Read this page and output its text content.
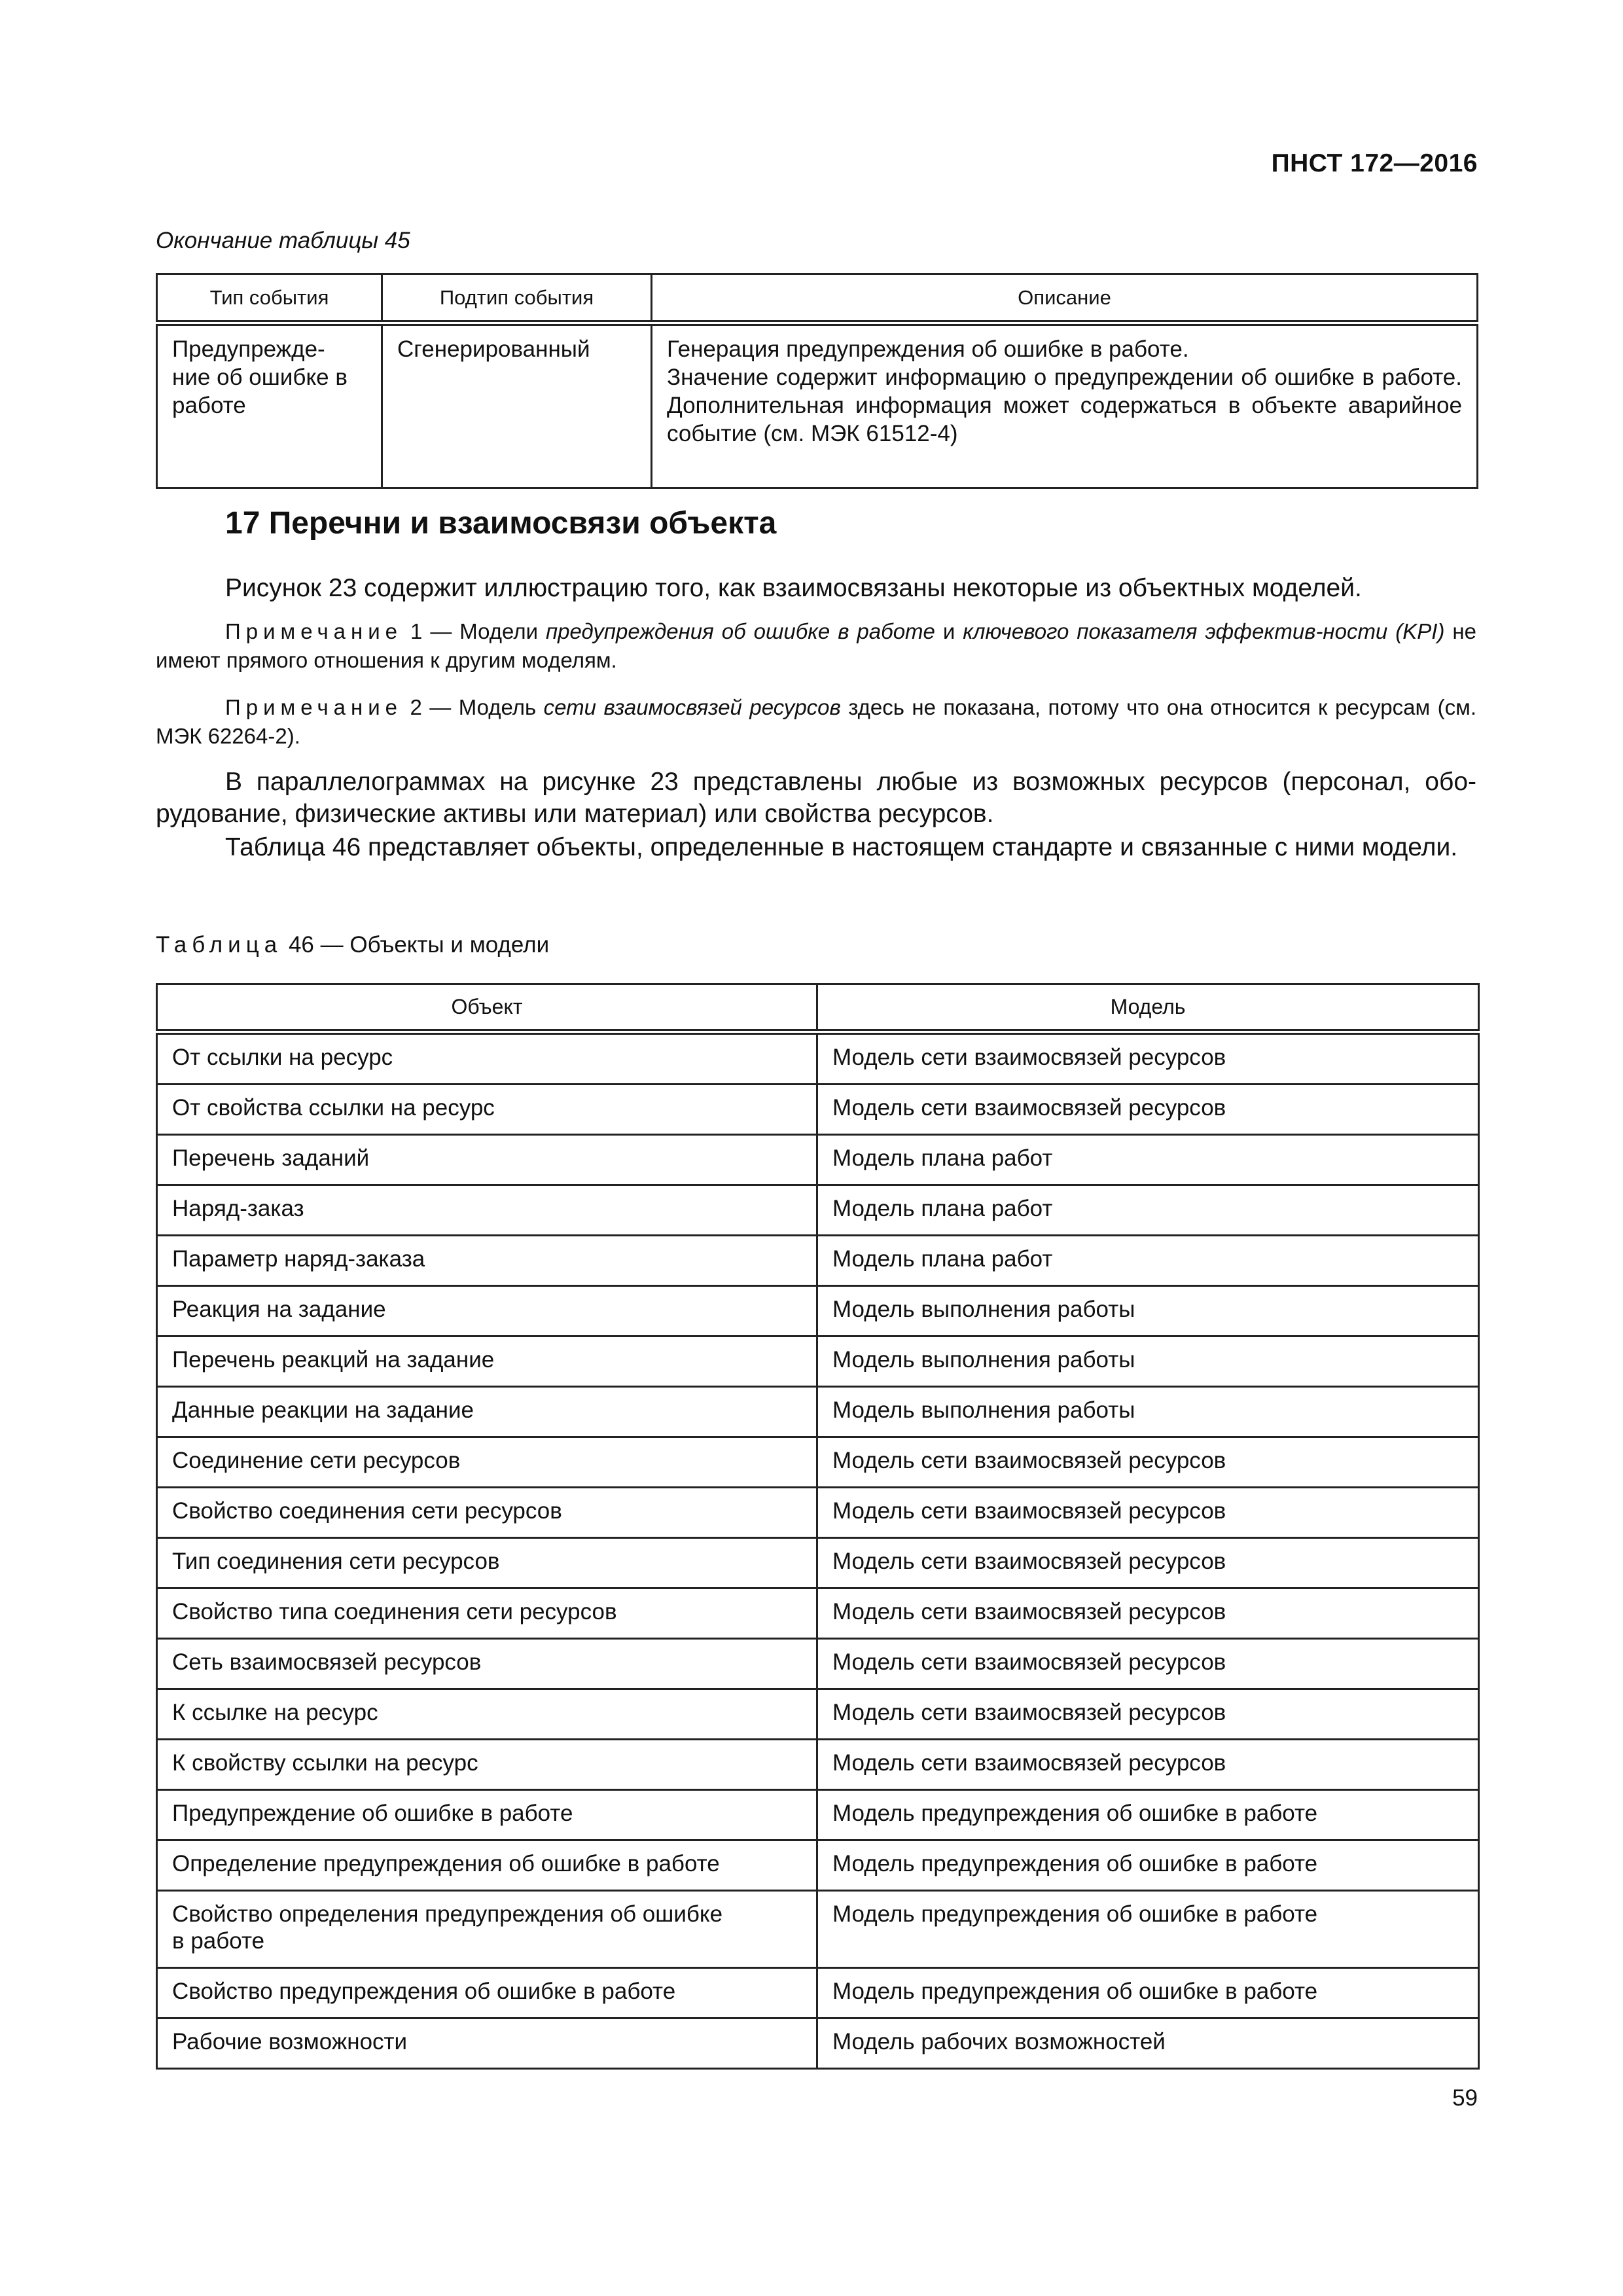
ПНСТ 172—2016
Окончание таблицы 45
Тип события	Подтип события	Описание
Предупрежде-
ние об ошибке в
работе	Сгенерированный	Генерация предупреждения об ошибке в работе.
Значение содержит информацию о предупреждении об ошибке в работе. Дополнительная информация может содержаться в объекте аварийное событие (см. МЭК 61512-4)
17 Перечни и взаимосвязи объекта
Рисунок 23 содержит иллюстрацию того, как взаимосвязаны некоторые из объектных моделей.
Примечание 1 — Модели предупреждения об ошибке в работе и ключевого показателя эффектив-ности (KPI) не имеют прямого отношения к другим моделям.
Примечание 2 — Модель сети взаимосвязей ресурсов здесь не показана, потому что она относится к ресурсам (см. МЭК 62264-2).
В параллелограммах на рисунке 23 представлены любые из возможных ресурсов (персонал, обо-рудование, физические активы или материал) или свойства ресурсов.
Таблица 46 представляет объекты, определенные в настоящем стандарте и связанные с ними модели.
Таблица 46 — Объекты и модели
Объект	Модель
От ссылки на ресурс	Модель сети взаимосвязей ресурсов
От свойства ссылки на ресурс	Модель сети взаимосвязей ресурсов
Перечень заданий	Модель плана работ
Наряд-заказ	Модель плана работ
Параметр наряд-заказа	Модель плана работ
Реакция на задание	Модель выполнения работы
Перечень реакций на задание	Модель выполнения работы
Данные реакции на задание	Модель выполнения работы
Соединение сети ресурсов	Модель сети взаимосвязей ресурсов
Свойство соединения сети ресурсов	Модель сети взаимосвязей ресурсов
Тип соединения сети ресурсов	Модель сети взаимосвязей ресурсов
Свойство типа соединения сети ресурсов	Модель сети взаимосвязей ресурсов
Сеть взаимосвязей ресурсов	Модель сети взаимосвязей ресурсов
К ссылке на ресурс	Модель сети взаимосвязей ресурсов
К свойству ссылки на ресурс	Модель сети взаимосвязей ресурсов
Предупреждение об ошибке в работе	Модель предупреждения об ошибке в работе
Определение предупреждения об ошибке в работе	Модель предупреждения об ошибке в работе
Свойство определения предупреждения об ошибке
в работе	Модель предупреждения об ошибке в работе
Свойство предупреждения об ошибке в работе	Модель предупреждения об ошибке в работе
Рабочие возможности	Модель рабочих возможностей
59
